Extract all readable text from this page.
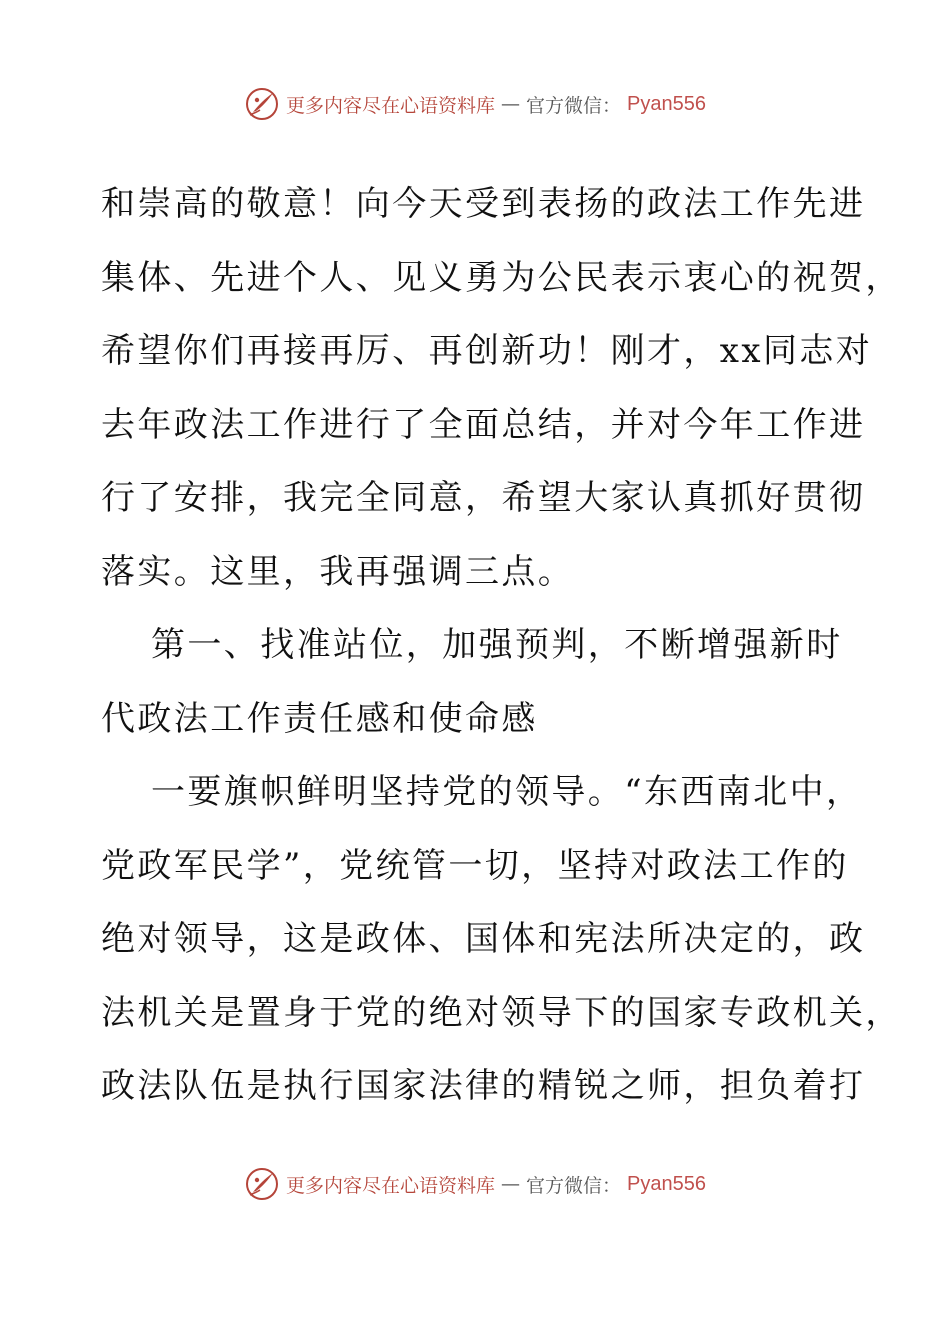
更多内容尽在心语资料库 — 官方微信： Pyan556
和崇高的敬意！向今天受到表扬的政法工作先进
集体、先进个人、见义勇为公民表示衷心的祝贺，
希望你们再接再厉、再创新功！刚才，xx同志对
去年政法工作进行了全面总结，并对今年工作进
行了安排，我完全同意，希望大家认真抓好贯彻
落实。这里，我再强调三点。
第一、找准站位，加强预判，不断增强新时
代政法工作责任感和使命感
一要旗帜鲜明坚持党的领导。“东西南北中，
党政军民学”，党统管一切，坚持对政法工作的
绝对领导，这是政体、国体和宪法所决定的，政
法机关是置身于党的绝对领导下的国家专政机关，
政法队伍是执行国家法律的精锐之师，担负着打
更多内容尽在心语资料库 — 官方微信： Pyan556
